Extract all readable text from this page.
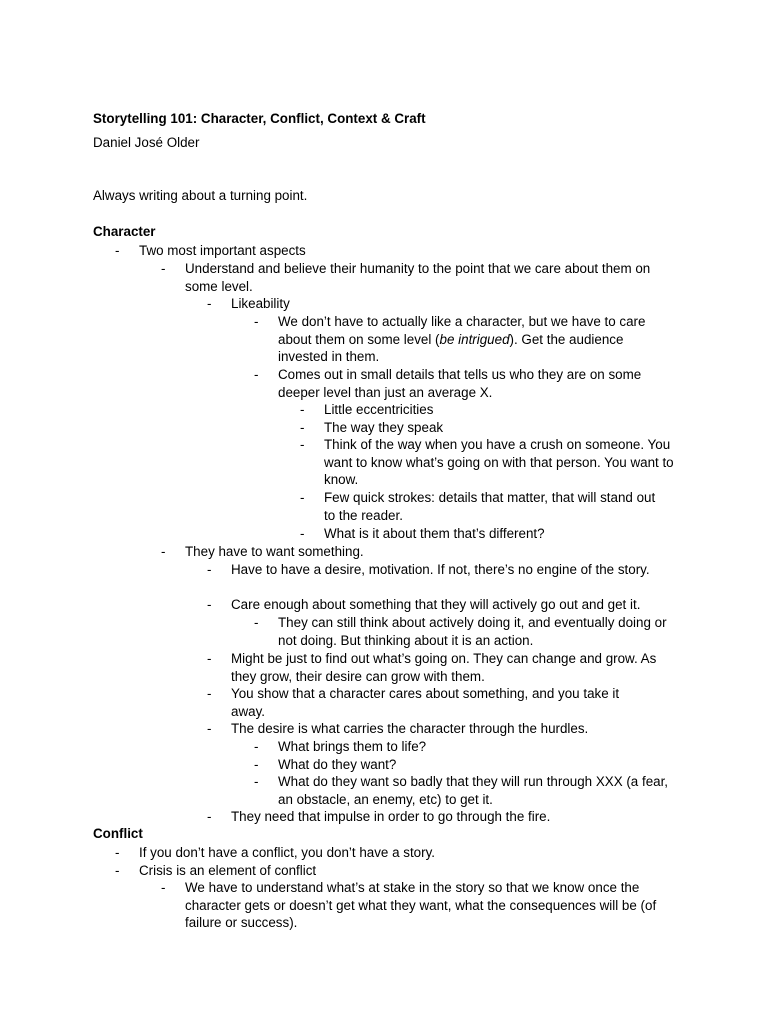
Storytelling 101: Character, Conflict, Context & Craft
Daniel José Older
Always writing about a turning point.
Character
- Two most important aspects
- Understand and believe their humanity to the point that we care about them on some level.
- Likeability
- We don’t have to actually like a character, but we have to care about them on some level (be intrigued). Get the audience invested in them.
- Comes out in small details that tells us who they are on some deeper level than just an average X.
- Little eccentricities
- The way they speak
- Think of the way when you have a crush on someone. You want to know what’s going on with that person. You want to know.
- Few quick strokes: details that matter, that will stand out to the reader.
- What is it about them that’s different?
- They have to want something.
- Have to have a desire, motivation. If not, there’s no engine of the story.
- Care enough about something that they will actively go out and get it.
- They can still think about actively doing it, and eventually doing or not doing. But thinking about it is an action.
- Might be just to find out what’s going on. They can change and grow. As they grow, their desire can grow with them.
- You show that a character cares about something, and you take it away.
- The desire is what carries the character through the hurdles.
- What brings them to life?
- What do they want?
- What do they want so badly that they will run through XXX (a fear, an obstacle, an enemy, etc) to get it.
- They need that impulse in order to go through the fire.
Conflict
- If you don’t have a conflict, you don’t have a story.
- Crisis is an element of conflict
- We have to understand what’s at stake in the story so that we know once the character gets or doesn’t get what they want, what the consequences will be (of failure or success).
